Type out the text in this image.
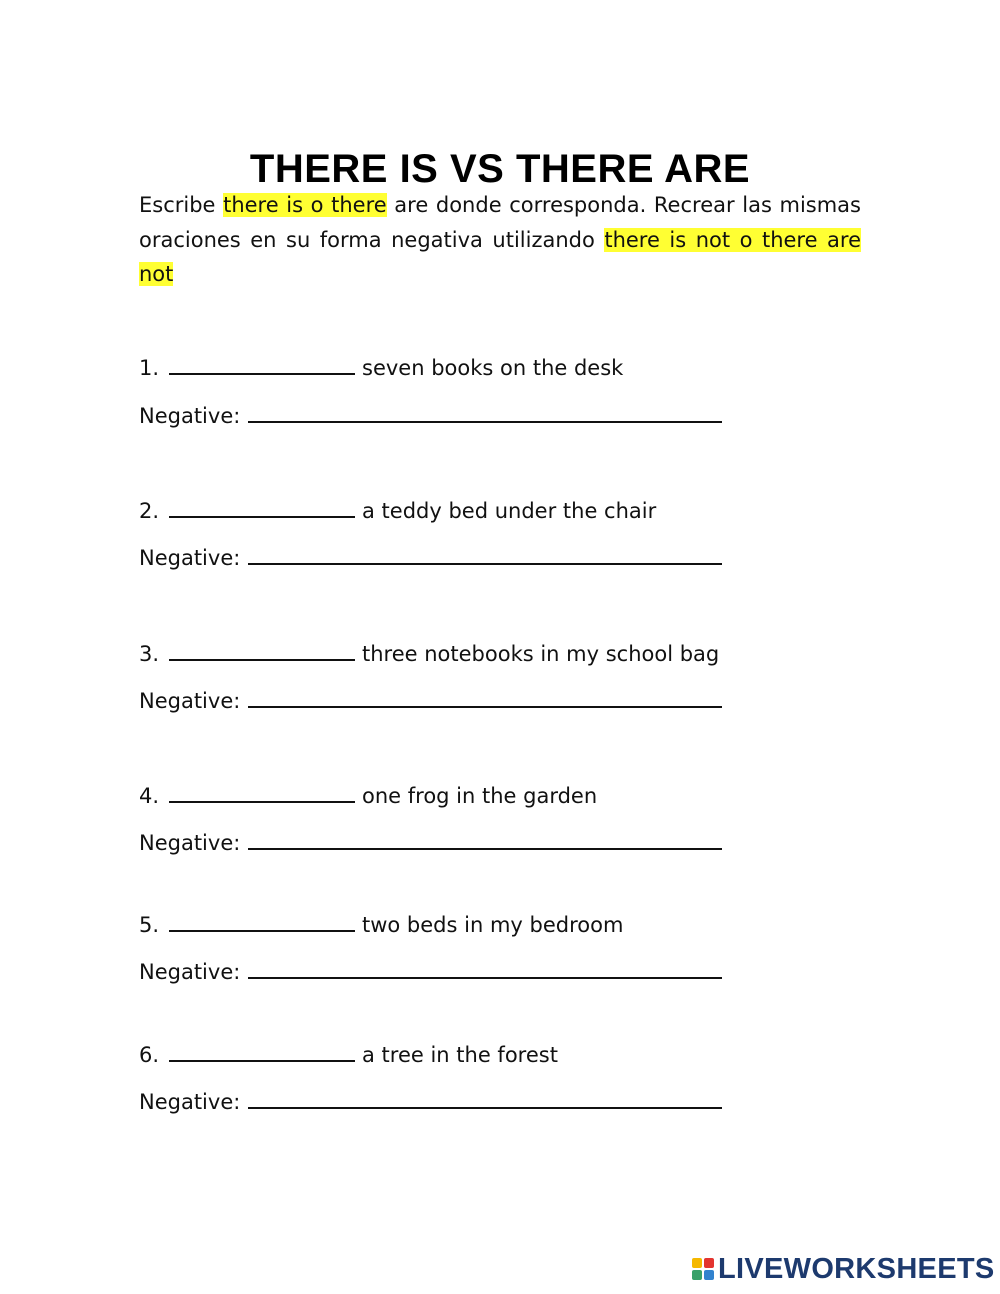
THERE IS VS THERE ARE

Escribe there is o there are donde corresponda. Recrear las mismas oraciones en su forma negativa utilizando there is not o there are not

1.	seven books on the desk
Negative:
2.	a teddy bed under the chair
Negative:
3.	three notebooks in my school bag
Negative:
4.	one frog in the garden
Negative:
5.	two beds in my bedroom
Negative:
6.	a tree in the forest
Negative:
LIVEWORKSHEETS
